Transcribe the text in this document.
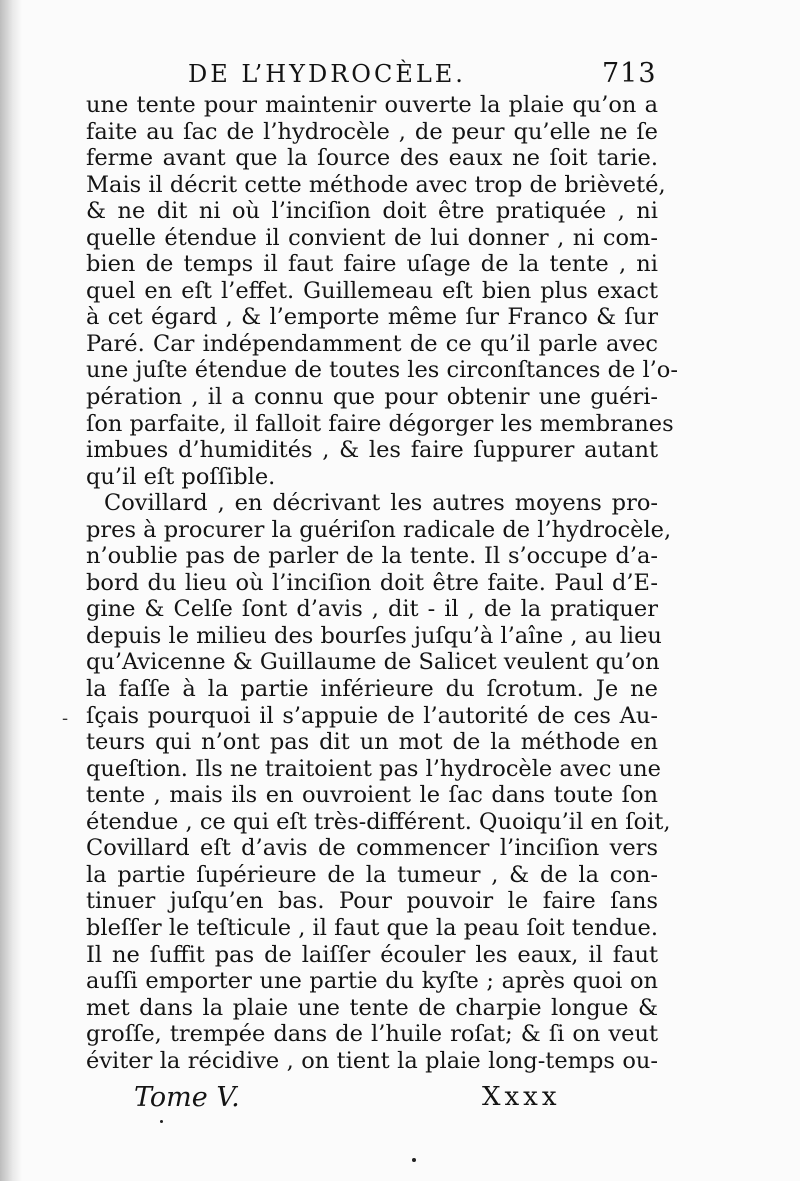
DE L’HYDROCÈLE.	713
une tente pour maintenir ouverte la plaie qu’on a
faite au ſac de l’hydrocèle , de peur qu’elle ne ſe
ferme avant que la ſource des eaux ne ſoit tarie.
Mais il décrit cette méthode avec trop de brièveté,
& ne dit ni où l’inciſion doit être pratiquée , ni
quelle étendue il convient de lui donner , ni com-
bien de temps il faut faire uſage de la tente , ni
quel en eſt l’effet. Guillemeau eſt bien plus exact
à cet égard , & l’emporte même ſur Franco & ſur
Paré. Car indépendamment de ce qu’il parle avec
une juſte étendue de toutes les circonſtances de l’o-
pération , il a connu que pour obtenir une guéri-
ſon parfaite, il falloit faire dégorger les membranes
imbues d’humidités , & les faire ſuppurer autant
qu’il eſt poſſible.
Covillard , en décrivant les autres moyens pro-
pres à procurer la guériſon radicale de l’hydrocèle,
n’oublie pas de parler de la tente. Il s’occupe d’a-
bord du lieu où l’inciſion doit être faite. Paul d’E-
gine & Celſe ſont d’avis , dit - il , de la pratiquer
depuis le milieu des bourſes juſqu’à l’aîne , au lieu
qu’Avicenne & Guillaume de Salicet veulent qu’on
la faſſe à la partie inférieure du ſcrotum. Je ne
ſçais pourquoi il s’appuie de l’autorité de ces Au-
teurs qui n’ont pas dit un mot de la méthode en
queſtion. Ils ne traitoient pas l’hydrocèle avec une
tente , mais ils en ouvroient le ſac dans toute ſon
étendue , ce qui eſt très-différent. Quoiqu’il en ſoit,
Covillard eſt d’avis de commencer l’inciſion vers
la partie ſupérieure de la tumeur , & de la con-
tinuer juſqu’en bas. Pour pouvoir le faire ſans
bleſſer le teſticule , il faut que la peau ſoit tendue.
Il ne ſuffit pas de laiſſer écouler les eaux, il faut
auſſi emporter une partie du kyſte ; après quoi on
met dans la plaie une tente de charpie longue &
groſſe, trempée dans de l’huile roſat; & ſi on veut
éviter la récidive , on tient la plaie long-temps ou-
-
Tome V.	Xxxx
